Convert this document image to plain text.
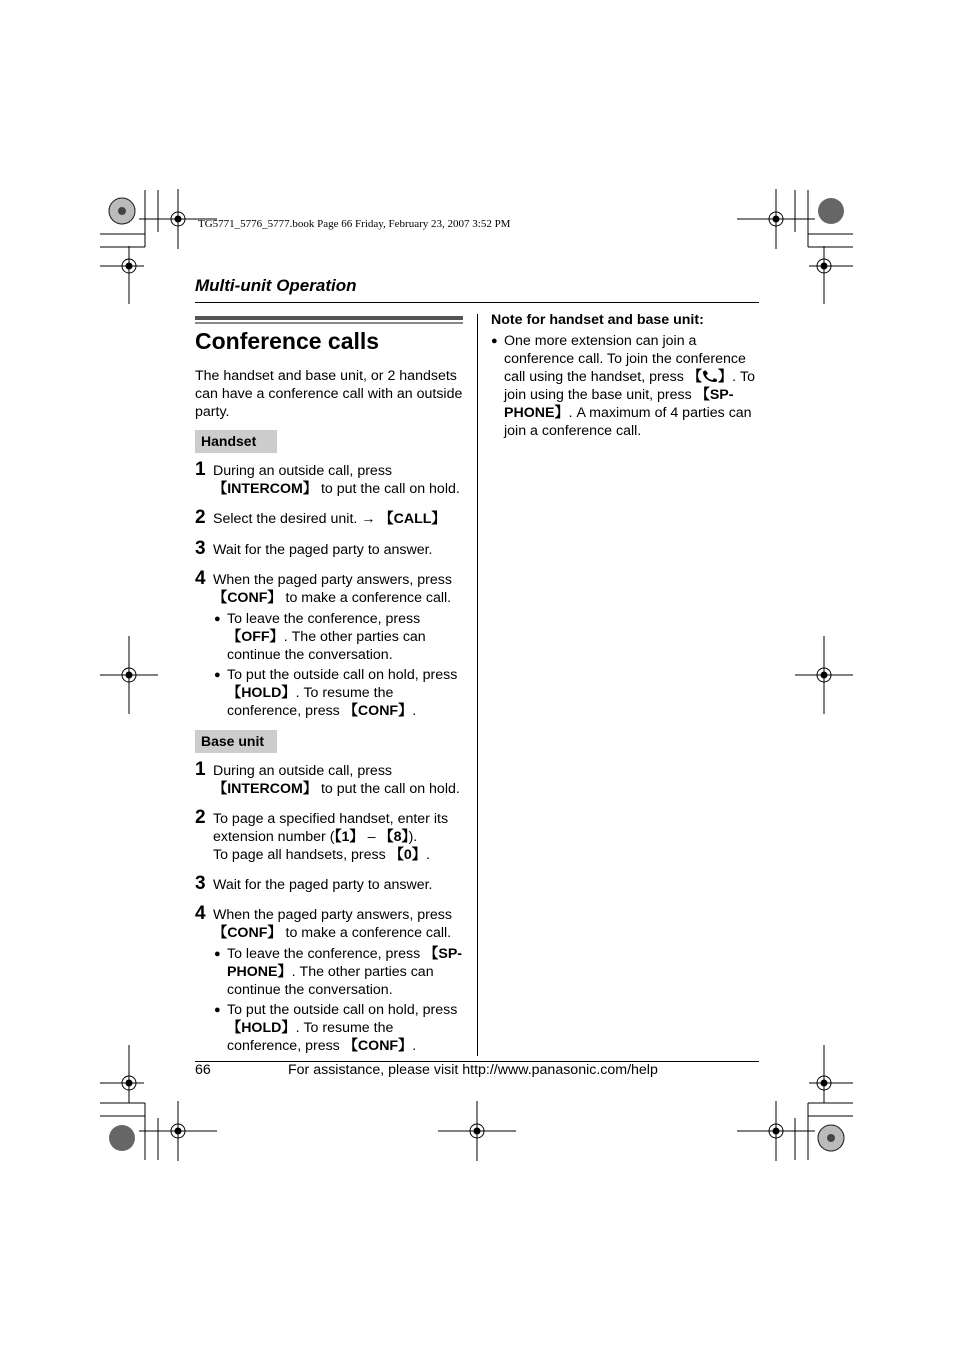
TG5771_5776_5777.book Page 66 Friday, February 23, 2007 3:52 PM
Multi-unit Operation
Conference calls
The handset and base unit, or 2 handsets can have a conference call with an outside party.
Handset
1 During an outside call, press
【INTERCOM】 to put the call on hold.
2 Select the desired unit. → 【CALL】
3 Wait for the paged party to answer.
4 When the paged party answers, press
【CONF】 to make a conference call.
● To leave the conference, press
【OFF】. The other parties can continue the conversation.
● To put the outside call on hold, press
【HOLD】. To resume the conference, press 【CONF】.
Base unit
1 During an outside call, press
【INTERCOM】 to put the call on hold.
2 To page a specified handset, enter its extension number (【1】 – 【8】).
To page all handsets, press 【0】.
3 Wait for the paged party to answer.
4 When the paged party answers, press
【CONF】 to make a conference call.
● To leave the conference, press 【SP-PHONE】. The other parties can continue the conversation.
● To put the outside call on hold, press
【HOLD】. To resume the conference, press 【CONF】.
Note for handset and base unit:
● One more extension can join a conference call. To join the conference call using the handset, press 【 】. To join using the base unit, press 【SP-PHONE】. A maximum of 4 parties can join a conference call.
66	For assistance, please visit http://www.panasonic.com/help
